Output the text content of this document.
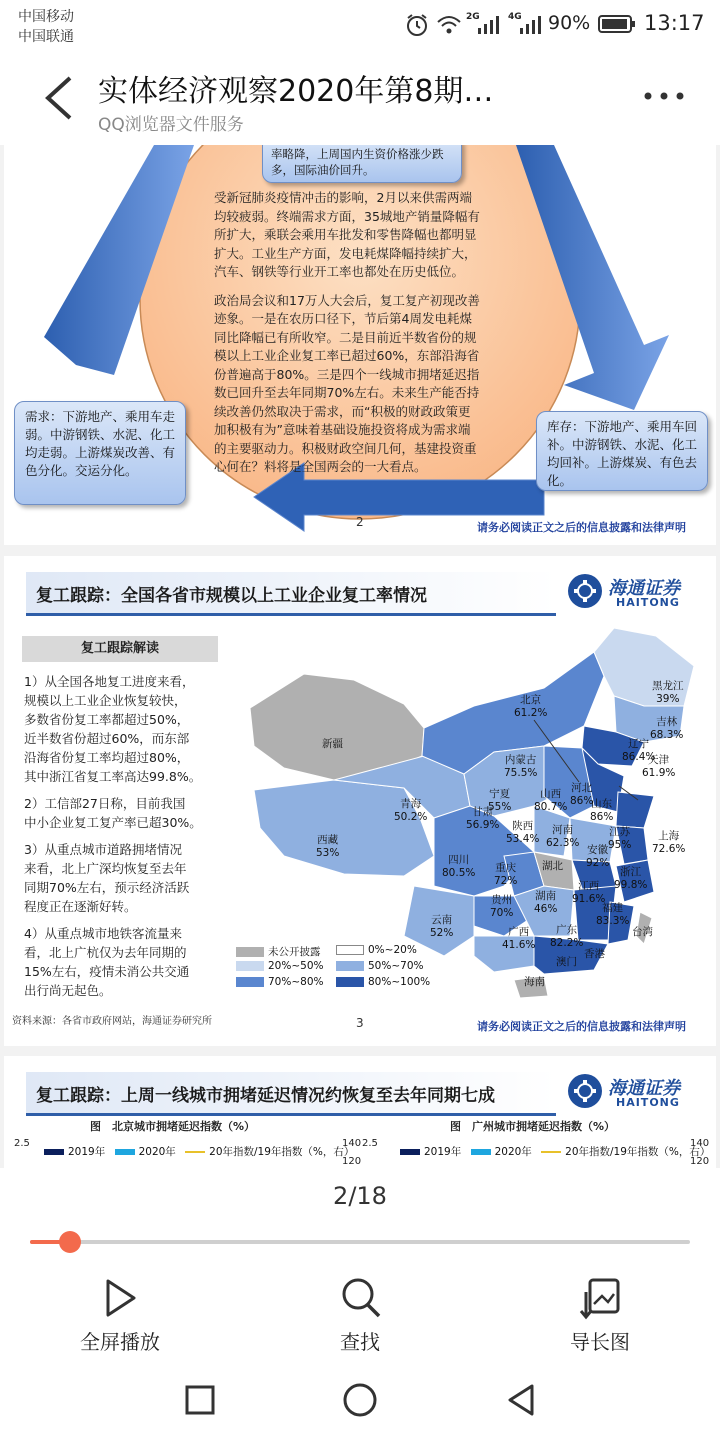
中国移动
中国联通
2G	4G 90%	13:17
实体经济观察2020年第8期…
QQ浏览器文件服务
率略降，上周国内生资价格涨少跌多，国际油价回升。
受新冠肺炎疫情冲击的影响，2月以来供需两端
均较疲弱。终端需求方面，35城地产销量降幅有
所扩大，乘联会乘用车批发和零售降幅也都明显
扩大。工业生产方面，发电耗煤降幅持续扩大，
汽车、钢铁等行业开工率也都处在历史低位。
政治局会议和17万人大会后，复工复产初现改善
迹象。一是在农历口径下，节后第4周发电耗煤
同比降幅已有所收窄。二是目前近半数省份的规
模以上工业企业复工率已超过60%，东部沿海省
份普遍高于80%。三是四个一线城市拥堵延迟指
数已回升至去年同期70%左右。未来生产能否持
续改善仍然取决于需求，而“积极的财政政策更
加积极有为”意味着基础设施投资将成为需求端
的主要驱动力。积极财政空间几何，基建投资重
心何在？料将是全国两会的一大看点。
需求：下游地产、乘用车走弱。中游钢铁、水泥、化工均走弱。上游煤炭改善、有色分化。交运分化。
库存：下游地产、乘用车回补。中游钢铁、水泥、化工均回补。上游煤炭、有色去化。
2	请务必阅读正文之后的信息披露和法律声明
复工跟踪：全国各省市规模以上工业企业复工率情况	海通证券
HAITONG
复工跟踪解读
1）从全国各地复工进度来看，
规模以上工业企业恢复较快，
多数省份复工率都超过50%，
近半数省份超过60%，而东部
沿海省份复工率均超过80%，
其中浙江省复工率高达99.8%。
2）工信部27日称，目前我国
中小企业复工复产率已超30%。
3）从重点城市道路拥堵情况
来看，北上广深均恢复至去年
同期70%左右，预示经济活跃
程度正在逐渐好转。
4）从重点城市地铁客流量来
看，北上广杭仅为去年同期的
15%左右，疫情未消公共交通
出行尚无起色。
黑龙江
39%
吉林
68.3%
辽宁
86.4%
北京
61.2%
天津
61.9%
新疆
内蒙古
75.5%
河北
86%
山东
86%
山西
80.7%
宁夏
55%
甘肃
56.9%
青海
50.2%
陕西
53.4%
河南
62.3%
江苏
95%
上海
72.6%
西藏
53%
四川
80.5% 重庆
72%
湖北
安徽
92%
浙江
99.8%
贵州
70%
湖南
46%
江西
91.6%
福建
83.3%
云南
52%	广西
41.6%
广东
82.2%
台湾
澳门
香港
海南
未公开披露	0%~20%
20%~50%	50%~70%
70%~80%	80%~100%
资料来源：各省市政府网站，海通证券研究所	3	请务必阅读正文之后的信息披露和法律声明
复工跟踪：上周一线城市拥堵延迟情况约恢复至去年同期七成	海通证券
HAITONG
图　北京城市拥堵延迟指数（%）	图　广州城市拥堵延迟指数（%）
2.5	140
120
2.5	140
120
2019年	2020年	20年指数/19年指数（%，右）	2019年	2020年	20年指数/19年指数（%，右）
2/18
全屏播放	查找	导长图
